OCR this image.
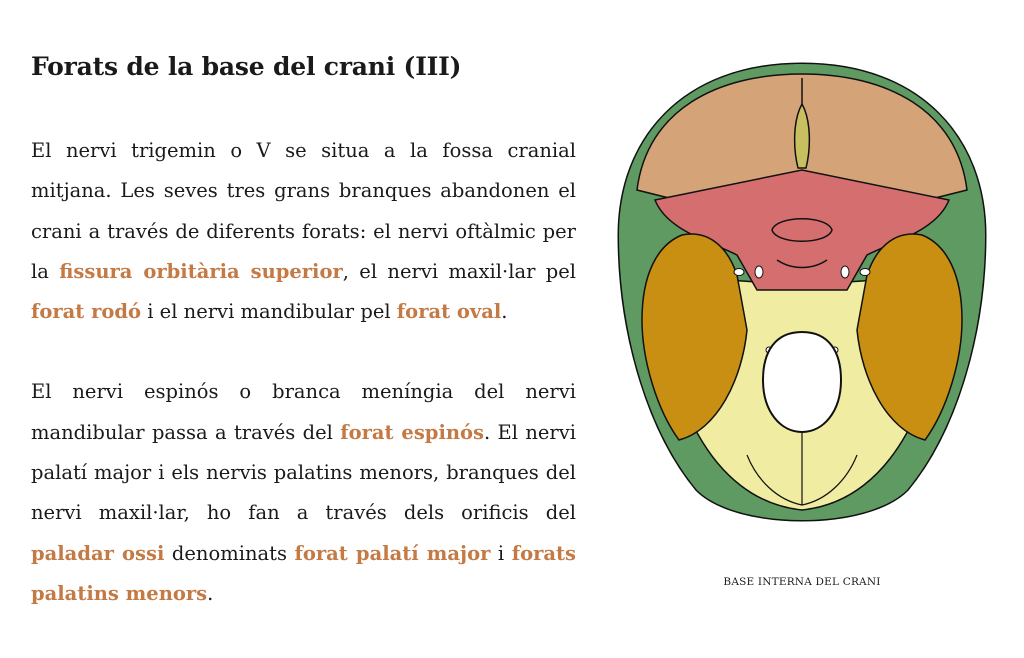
Forats de la base del crani (III)

El nervi trigemin o V se situa a la fossa cranial mitjana. Les seves tres grans branques abandonen el crani a través de diferents forats: el nervi oftàlmic per la fissura orbitària superior, el nervi maxil·lar pel forat rodó i el nervi mandibular pel forat oval.

El nervi espinós o branca meníngia del nervi mandibular passa a través del forat espinós. El nervi palatí major i els nervis palatins menors, branques del nervi maxil·lar, ho fan a través dels orificis del paladar ossi denominats forat palatí major i forats palatins menors.	BASE INTERNA DEL CRANI
